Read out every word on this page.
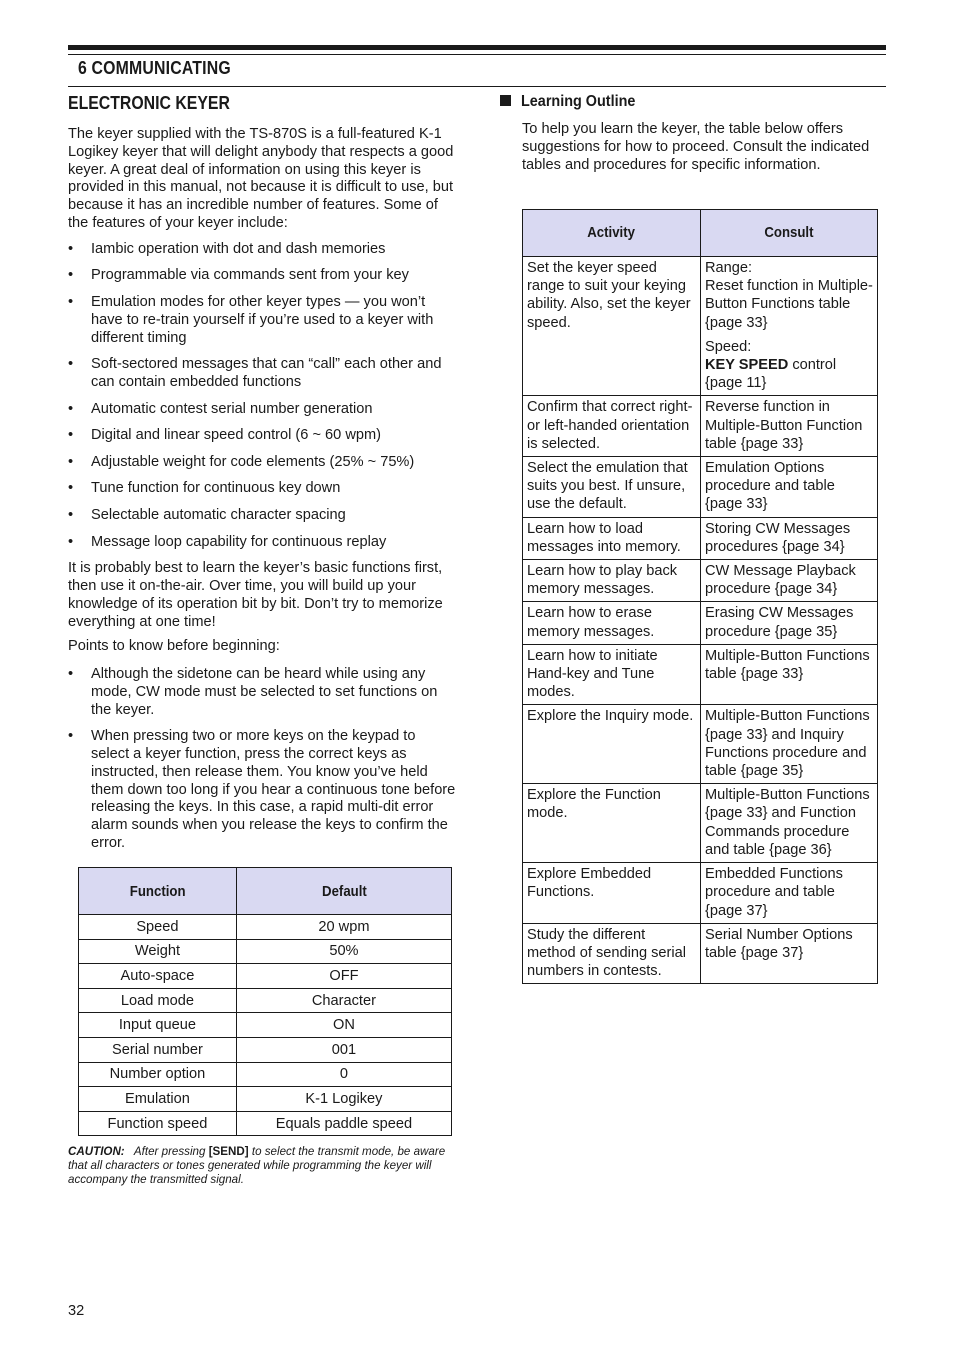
6 COMMUNICATING
ELECTRONIC KEYER

The keyer supplied with the TS-870S is a full-featured K-1 Logikey keyer that will delight anybody that respects a good keyer. A great deal of information on using this keyer is provided in this manual, not because it is difficult to use, but because it has an incredible number of features. Some of the features of your keyer include:

• Iambic operation with dot and dash memories
• Programmable via commands sent from your key
• Emulation modes for other keyer types — you won’t have to re-train yourself if you’re used to a keyer with different timing
• Soft-sectored messages that can “call” each other and can contain embedded functions
• Automatic contest serial number generation
• Digital and linear speed control (6 ~ 60 wpm)
• Adjustable weight for code elements (25% ~ 75%)
• Tune function for continuous key down
• Selectable automatic character spacing
• Message loop capability for continuous replay

It is probably best to learn the keyer’s basic functions first, then use it on-the-air. Over time, you will build up your knowledge of its operation bit by bit. Don’t try to memorize everything at one time!

Points to know before beginning:

• Although the sidetone can be heard while using any mode, CW mode must be selected to set functions on the keyer.
• When pressing two or more keys on the keypad to select a keyer function, press the correct keys as instructed, then release them. You know you’ve held them down too long if you hear a continuous tone before releasing the keys. In this case, a rapid multi-dit error alarm sounds when you release the keys to confirm the error.
Function	Default
Speed	20 wpm
Weight	50%
Auto-space	OFF
Load mode	Character
Input queue	ON
Serial number	001
Number option	0
Emulation	K-1 Logikey
Function speed	Equals paddle speed
CAUTION: After pressing [SEND] to select the transmit mode, be aware that all characters or tones generated while programming the keyer will accompany the transmitted signal.
Learning Outline

To help you learn the keyer, the table below offers suggestions for how to proceed. Consult the indicated tables and procedures for specific information.

Activity	Consult
Set the keyer speed range to suit your keying ability. Also, set the keyer speed.	Range:
Reset function in Multiple-Button Functions table {page 33}
Speed:
KEY SPEED control {page 11}

Confirm that correct right- or left-handed orientation is selected.	Reverse function in Multiple-Button Function table {page 33}
Select the emulation that suits you best. If unsure, use the default.	Emulation Options procedure and table {page 33}
Learn how to load messages into memory.	Storing CW Messages procedures {page 34}
Learn how to play back memory messages.	CW Message Playback procedure {page 34}
Learn how to erase memory messages.	Erasing CW Messages procedure {page 35}
Learn how to initiate Hand-key and Tune modes.	Multiple-Button Functions table {page 33}
Explore the Inquiry mode.	Multiple-Button Functions {page 33} and Inquiry Functions procedure and table {page 35}
Explore the Function mode.	Multiple-Button Functions {page 33} and Function Commands procedure and table {page 36}
Explore Embedded Functions.	Embedded Functions procedure and table {page 37}
Study the different method of sending serial numbers in contests.	Serial Number Options table {page 37}
32
